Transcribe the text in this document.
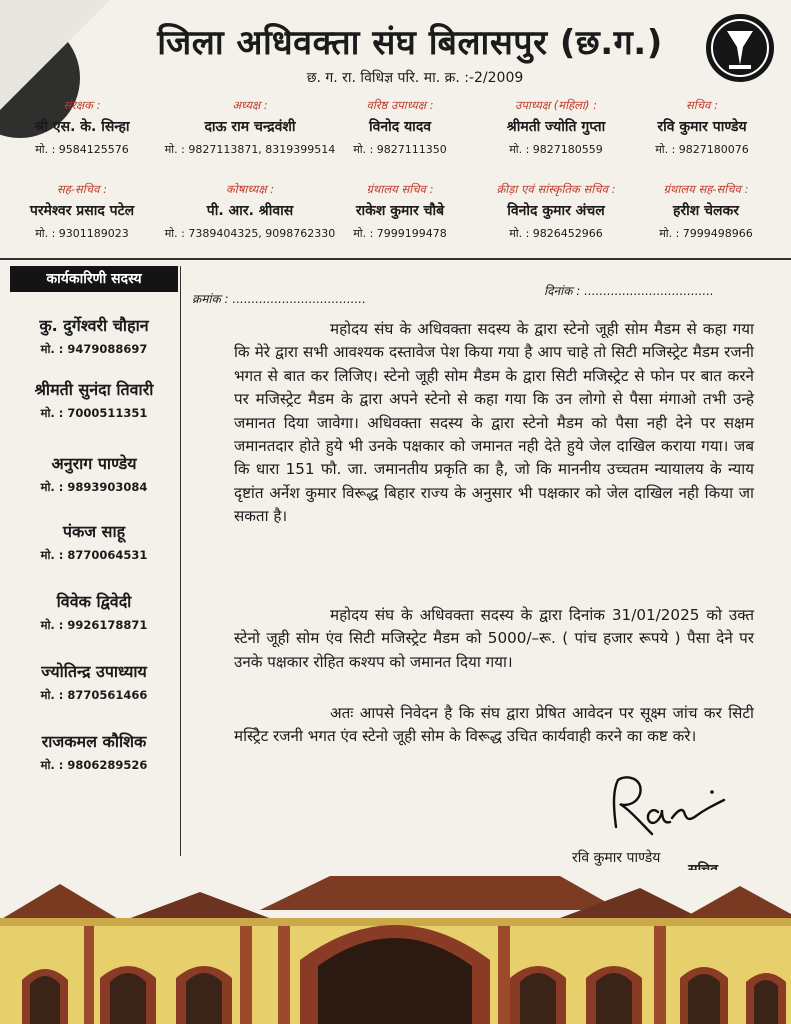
जिला अधिवक्ता संघ बिलासपुर (छ.ग.)
छ. ग. रा. विधिज्ञ परि. मा. क्र. :-2/2009
संरक्षक :
श्री एस. के. सिन्हा
मो. : 9584125576
अध्यक्ष :
दाऊ राम चन्द्रवंशी
मो. : 9827113871, 8319399514
वरिष्ठ उपाध्यक्ष :
विनोद यादव
मो. : 9827111350
उपाध्यक्ष (महिला) :
श्रीमती ज्योति गुप्ता
मो. : 9827180559
सचिव :
रवि कुमार पाण्डेय
मो. : 9827180076
सह-सचिव :
परमेश्वर प्रसाद पटेल
मो. : 9301189023
कोषाध्यक्ष :
पी. आर. श्रीवास
मो. : 7389404325, 9098762330
ग्रंथालय सचिव :
राकेश कुमार चौबे
मो. : 7999199478
क्रीड़ा एवं सांस्कृतिक सचिव :
विनोद कुमार अंचल
मो. : 9826452966
ग्रंथालय सह-सचिव :
हरीश चेलकर
मो. : 7999498966
कार्यकारिणी सदस्य
कु. दुर्गेश्वरी चौहान
मो. : 9479088697
श्रीमती सुनंदा तिवारी
मो. : 7000511351
अनुराग पाण्डेय
मो. : 9893903084
पंकज साहू
मो. : 8770064531
विवेक द्विवेदी
मो. : 9926178871
ज्योतिन्द्र उपाध्याय
मो. : 8770561466
राजकमल कौशिक
मो. : 9806289526
क्रमांक : ...................................
दिनांक : ..................................
महोदय संघ के अधिवक्ता सदस्य के द्वारा स्टेनो जूही सोम मैडम से कहा गया कि मेरे द्वारा सभी आवश्यक दस्तावेज पेश किया गया है आप चाहे तो सिटी मजिस्ट्रेट मैडम रजनी भगत से बात कर लिजिए। स्टेनो जूही सोम मैडम के द्वारा सिटी मजिस्ट्रेट से फोन पर बात करने पर मजिस्ट्रेट मैडम के द्वारा अपने स्टेनो से कहा गया कि उन लोगो से पैसा मंगाओ तभी उन्हे जमानत दिया जावेगा। अधिवक्ता सदस्य के द्वारा स्टेनो मैडम को पैसा नही देने पर सक्षम जमानतदार होते हुये भी उनके पक्षकार को जमानत नही देते हुये जेल दाखिल कराया गया। जब कि धारा 151 फौ. जा. जमानतीय प्रकृति का है, जो कि माननीय उच्चतम न्यायालय के न्याय दृष्टांत अर्नेश कुमार विरूद्ध बिहार राज्य के अनुसार भी पक्षकार को जेल दाखिल नही किया जा सकता है।
महोदय संघ के अधिवक्ता सदस्य के द्वारा दिनांक 31/01/2025 को उक्त स्टेनो जूही सोम एंव सिटी मजिस्ट्रेट मैडम को 5000/–रू. ( पांच हजार रूपये ) पैसा देने पर उनके पक्षकार रोहित कश्यप को जमानत दिया गया।
अतः आपसे निवेदन है कि संघ द्वारा प्रेषित आवेदन पर सूक्ष्म जांच कर सिटी मस्ट्रिेट रजनी भगत एंव स्टेनो जूही सोम के विरूद्ध उचित कार्यवाही करने का कष्ट करे।
रवि कुमार पाण्डेय
